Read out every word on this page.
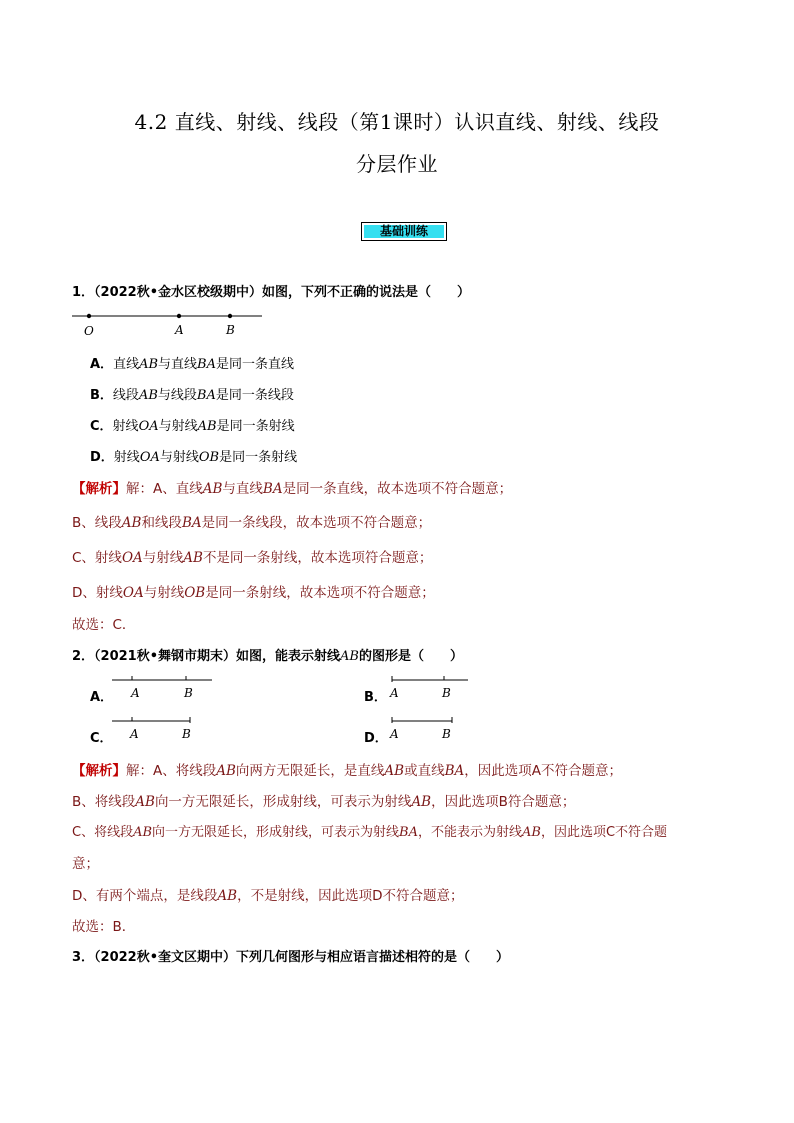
4.2 直线、射线、线段（第1课时）认识直线、射线、线段
分层作业
基础训练
1．（2022秋•金水区校级期中）如图，下列不正确的说法是（　　）
O	A	B
A．直线AB与直线BA是同一条直线
B．线段AB与线段BA是同一条线段
C．射线OA与射线AB是同一条射线
D．射线OA与射线OB是同一条射线
【解析】解：A、直线AB与直线BA是同一条直线，故本选项不符合题意；
B、线段AB和线段BA是同一条线段，故本选项不符合题意；
C、射线OA与射线AB不是同一条射线，故本选项符合题意；
D、射线OA与射线OB是同一条射线，故本选项不符合题意；
故选：C．
2．（2021秋•舞钢市期末）如图，能表示射线AB的图形是（　　）
A． A	B	B． A	B
C． A	B	D． A	B
【解析】解：A、将线段AB向两方无限延长，是直线AB或直线BA，因此选项A不符合题意；
B、将线段AB向一方无限延长，形成射线，可表示为射线AB，因此选项B符合题意；
C、将线段AB向一方无限延长，形成射线，可表示为射线BA，不能表示为射线AB，因此选项C不符合题
意；
D、有两个端点，是线段AB，不是射线，因此选项D不符合题意；
故选：B．
3．（2022秋•奎文区期中）下列几何图形与相应语言描述相符的是（　　）
